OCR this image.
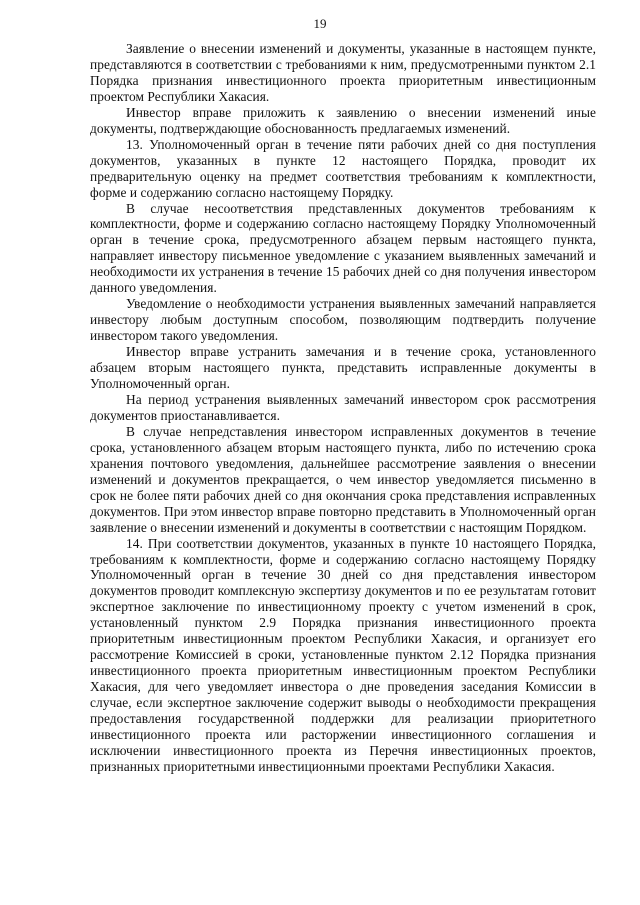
19

Заявление о внесении изменений и документы, указанные в настоящем пункте, представляются в соответствии с требованиями к ним, предусмотренными пунктом 2.1 Порядка признания инвестиционного проекта приоритетным инвестиционным проектом Республики Хакасия.

Инвестор вправе приложить к заявлению о внесении изменений иные документы, подтверждающие обоснованность предлагаемых изменений.

13. Уполномоченный орган в течение пяти рабочих дней со дня поступления документов, указанных в пункте 12 настоящего Порядка, проводит их предварительную оценку на предмет соответствия требованиям к комплектности, форме и содержанию согласно настоящему Порядку.

В случае несоответствия представленных документов требованиям к комплектности, форме и содержанию согласно настоящему Порядку Уполномоченный орган в течение срока, предусмотренного абзацем первым настоящего пункта, направляет инвестору письменное уведомление с указанием выявленных замечаний и необходимости их устранения в течение 15 рабочих дней со дня получения инвестором данного уведомления.

Уведомление о необходимости устранения выявленных замечаний направляется инвестору любым доступным способом, позволяющим подтвердить получение инвестором такого уведомления.

Инвестор вправе устранить замечания и в течение срока, установленного абзацем вторым настоящего пункта, представить исправленные документы в Уполномоченный орган.

На период устранения выявленных замечаний инвестором срок рассмотрения документов приостанавливается.

В случае непредставления инвестором исправленных документов в течение срока, установленного абзацем вторым настоящего пункта, либо по истечению срока хранения почтового уведомления, дальнейшее рассмотрение заявления о внесении изменений и документов прекращается, о чем инвестор уведомляется письменно в срок не более пяти рабочих дней со дня окончания срока представления исправленных документов. При этом инвестор вправе повторно представить в Уполномоченный орган заявление о внесении изменений и документы в соответствии с настоящим Порядком.

14. При соответствии документов, указанных в пункте 10 настоящего Порядка, требованиям к комплектности, форме и содержанию согласно настоящему Порядку Уполномоченный орган в течение 30 дней со дня представления инвестором документов проводит комплексную экспертизу документов и по ее результатам готовит экспертное заключение по инвестиционному проекту с учетом изменений в срок, установленный пунктом 2.9 Порядка признания инвестиционного проекта приоритетным инвестиционным проектом Республики Хакасия, и организует его рассмотрение Комиссией в сроки, установленные пунктом 2.12 Порядка признания инвестиционного проекта приоритетным инвестиционным проектом Республики Хакасия, для чего уведомляет инвестора о дне проведения заседания Комиссии в случае, если экспертное заключение содержит выводы о необходимости прекращения предоставления государственной поддержки для реализации приоритетного инвестиционного проекта или расторжении инвестиционного соглашения и исключении инвестиционного проекта из Перечня инвестиционных проектов, признанных приоритетными инвестиционными проектами Республики Хакасия.
